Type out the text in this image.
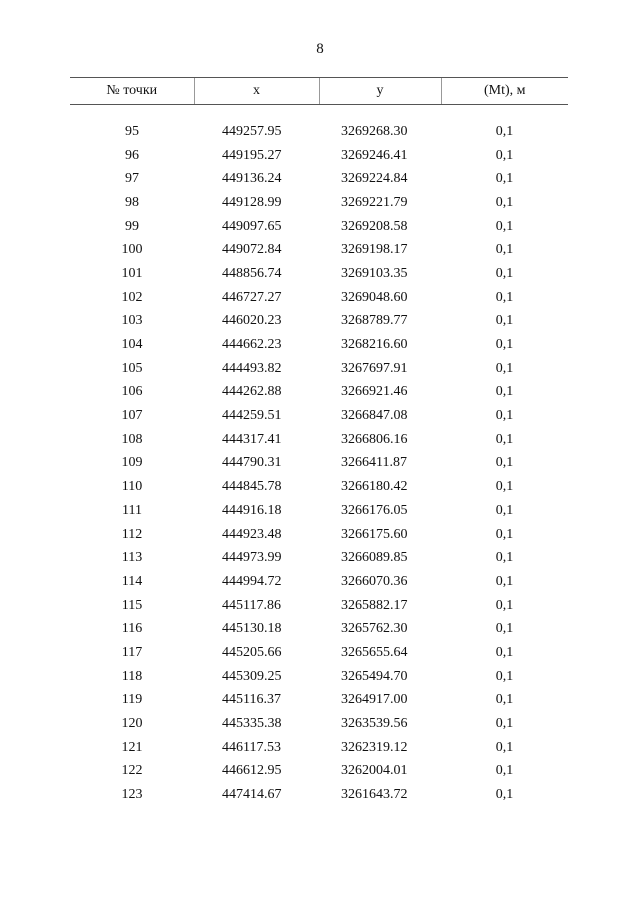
8
№ точки	x	y	(Mt), м

95	449257.95	3269268.30	0,1
96	449195.27	3269246.41	0,1
97	449136.24	3269224.84	0,1
98	449128.99	3269221.79	0,1
99	449097.65	3269208.58	0,1
100	449072.84	3269198.17	0,1
101	448856.74	3269103.35	0,1
102	446727.27	3269048.60	0,1
103	446020.23	3268789.77	0,1
104	444662.23	3268216.60	0,1
105	444493.82	3267697.91	0,1
106	444262.88	3266921.46	0,1
107	444259.51	3266847.08	0,1
108	444317.41	3266806.16	0,1
109	444790.31	3266411.87	0,1
110	444845.78	3266180.42	0,1
111	444916.18	3266176.05	0,1
112	444923.48	3266175.60	0,1
113	444973.99	3266089.85	0,1
114	444994.72	3266070.36	0,1
115	445117.86	3265882.17	0,1
116	445130.18	3265762.30	0,1
117	445205.66	3265655.64	0,1
118	445309.25	3265494.70	0,1
119	445116.37	3264917.00	0,1
120	445335.38	3263539.56	0,1
121	446117.53	3262319.12	0,1
122	446612.95	3262004.01	0,1
123	447414.67	3261643.72	0,1
